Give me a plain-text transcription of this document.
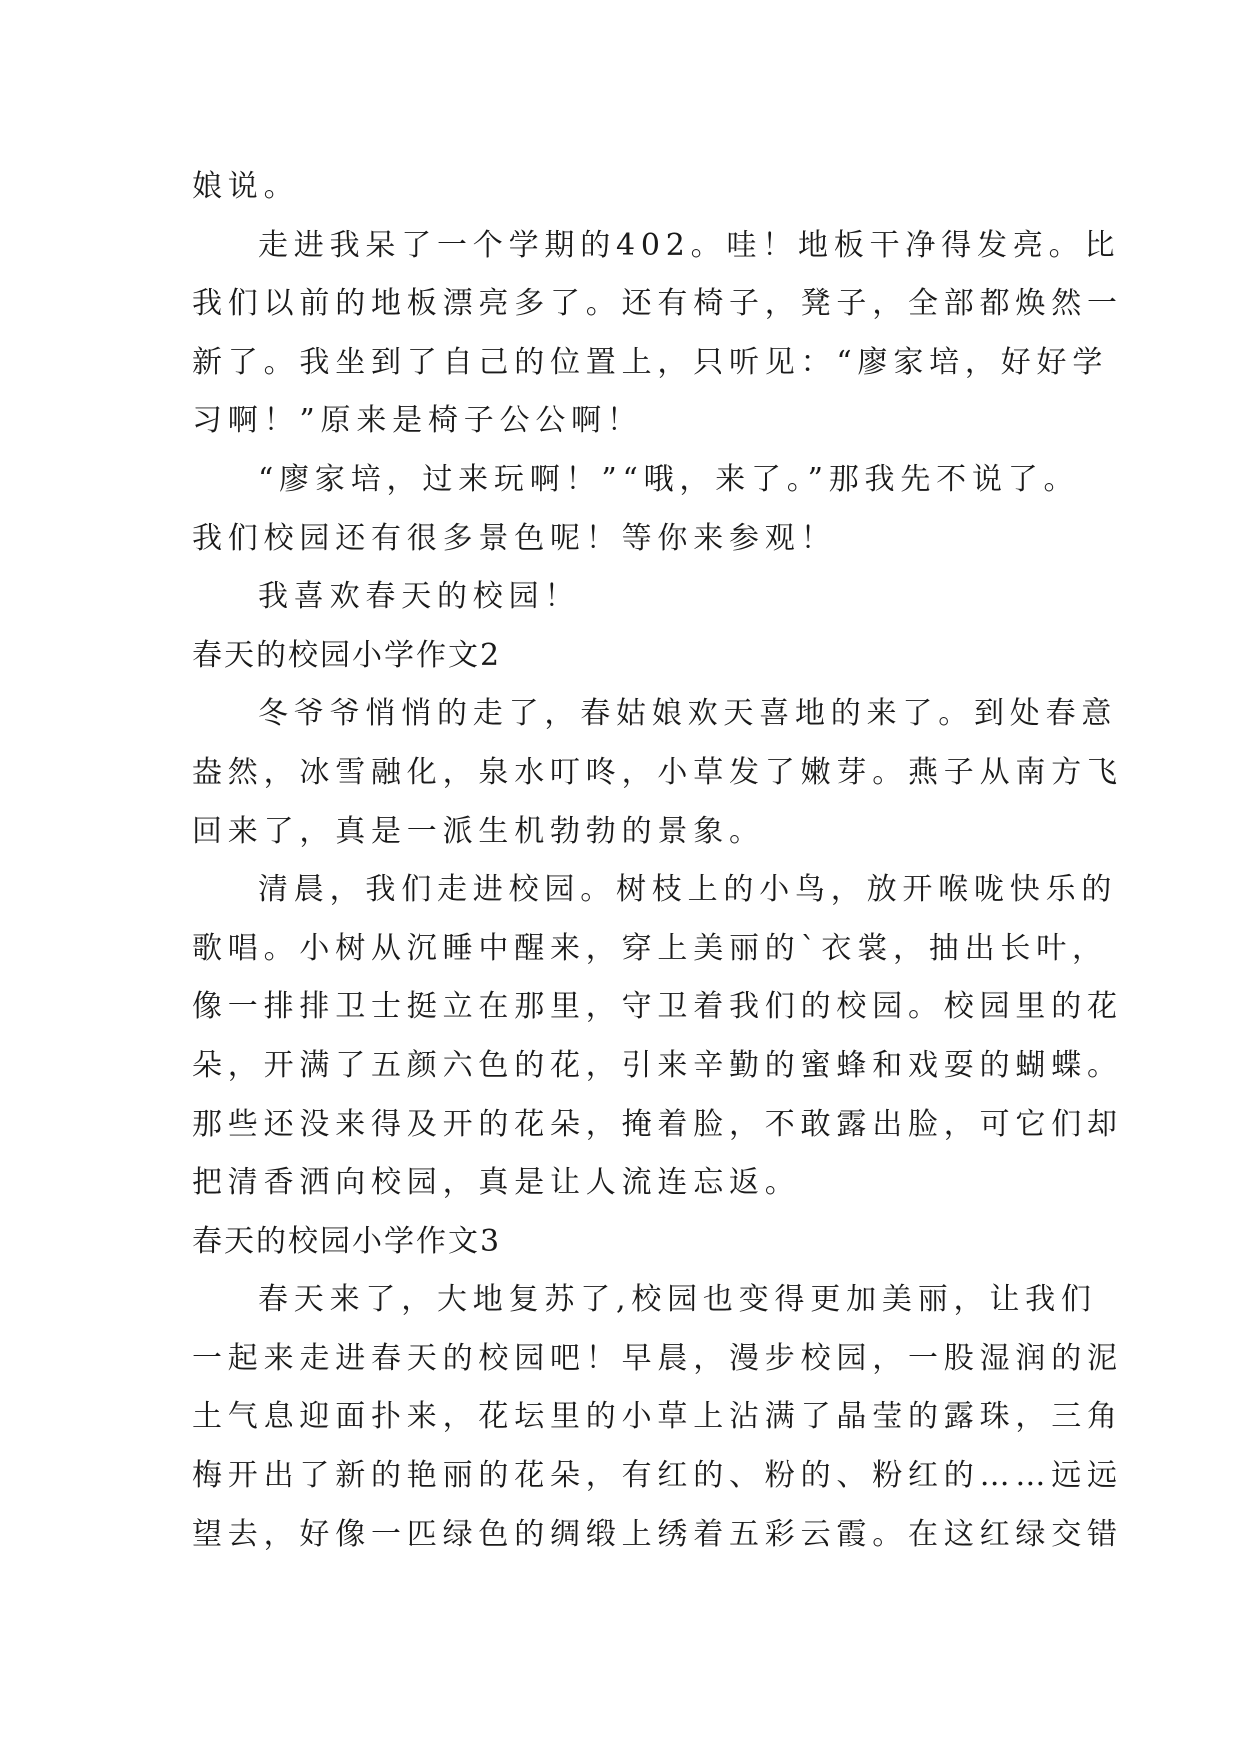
娘说。
走进我呆了一个学期的402。哇！地板干净得发亮。比
我们以前的地板漂亮多了。还有椅子，凳子，全部都焕然一
新了。我坐到了自己的位置上，只听见：“廖家培，好好学
习啊！”原来是椅子公公啊！
“廖家培，过来玩啊！”“哦，来了。”那我先不说了。
我们校园还有很多景色呢！等你来参观！
我喜欢春天的校园！
春天的校园小学作文2
冬爷爷悄悄的走了，春姑娘欢天喜地的来了。到处春意
盎然，冰雪融化，泉水叮咚，小草发了嫩芽。燕子从南方飞
回来了，真是一派生机勃勃的景象。
清晨，我们走进校园。树枝上的小鸟，放开喉咙快乐的
歌唱。小树从沉睡中醒来，穿上美丽的`衣裳，抽出长叶，
像一排排卫士挺立在那里，守卫着我们的校园。校园里的花
朵，开满了五颜六色的花，引来辛勤的蜜蜂和戏耍的蝴蝶。
那些还没来得及开的花朵，掩着脸，不敢露出脸，可它们却
把清香洒向校园，真是让人流连忘返。
春天的校园小学作文3
春天来了，大地复苏了,校园也变得更加美丽，让我们
一起来走进春天的校园吧！早晨，漫步校园，一股湿润的泥
土气息迎面扑来，花坛里的小草上沾满了晶莹的露珠，三角
梅开出了新的艳丽的花朵，有红的、粉的、粉红的……远远
望去，好像一匹绿色的绸缎上绣着五彩云霞。在这红绿交错
